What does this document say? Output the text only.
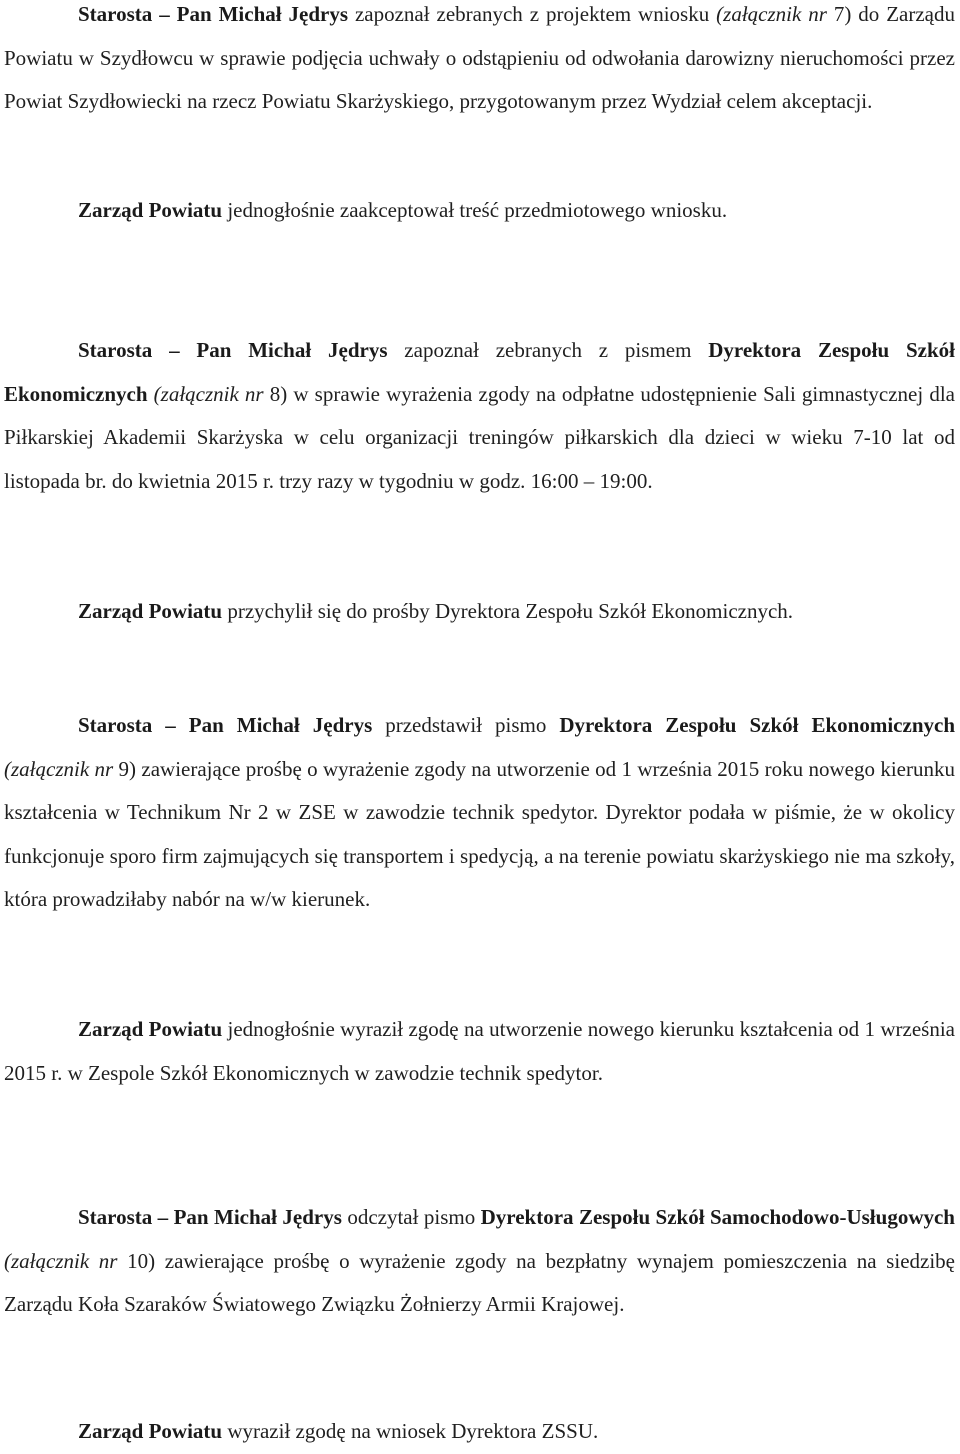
Starosta – Pan Michał Jędrys zapoznał zebranych z projektem wniosku (załącznik nr 7) do Zarządu Powiatu w Szydłowcu w sprawie podjęcia uchwały o odstąpieniu od odwołania darowizny nieruchomości przez Powiat Szydłowiecki na rzecz Powiatu Skarżyskiego, przygotowanym przez Wydział celem akceptacji.

Zarząd Powiatu jednogłośnie zaakceptował treść przedmiotowego wniosku.

Starosta – Pan Michał Jędrys zapoznał zebranych z pismem Dyrektora Zespołu Szkół Ekonomicznych (załącznik nr 8) w sprawie wyrażenia zgody na odpłatne udostępnienie Sali gimnastycznej dla Piłkarskiej Akademii Skarżyska w celu organizacji treningów piłkarskich dla dzieci w wieku 7-10 lat od listopada br. do kwietnia 2015 r. trzy razy w tygodniu w godz. 16:00 – 19:00.

Zarząd Powiatu przychylił się do prośby Dyrektora Zespołu Szkół Ekonomicznych.

Starosta – Pan Michał Jędrys przedstawił pismo Dyrektora Zespołu Szkół Ekonomicznych (załącznik nr 9) zawierające prośbę o wyrażenie zgody na utworzenie od 1 września 2015 roku nowego kierunku kształcenia w Technikum Nr 2 w ZSE w zawodzie technik spedytor. Dyrektor podała w piśmie, że w okolicy funkcjonuje sporo firm zajmujących się transportem i spedycją, a na terenie powiatu skarżyskiego nie ma szkoły, która prowadziłaby nabór na w/w kierunek.

Zarząd Powiatu jednogłośnie wyraził zgodę na utworzenie nowego kierunku kształcenia od 1 września 2015 r. w Zespole Szkół Ekonomicznych w zawodzie technik spedytor.

Starosta – Pan Michał Jędrys odczytał pismo Dyrektora Zespołu Szkół Samochodowo-Usługowych (załącznik nr 10) zawierające prośbę o wyrażenie zgody na bezpłatny wynajem pomieszczenia na siedzibę Zarządu Koła Szaraków Światowego Związku Żołnierzy Armii Krajowej.

Zarząd Powiatu wyraził zgodę na wniosek Dyrektora ZSSU.
